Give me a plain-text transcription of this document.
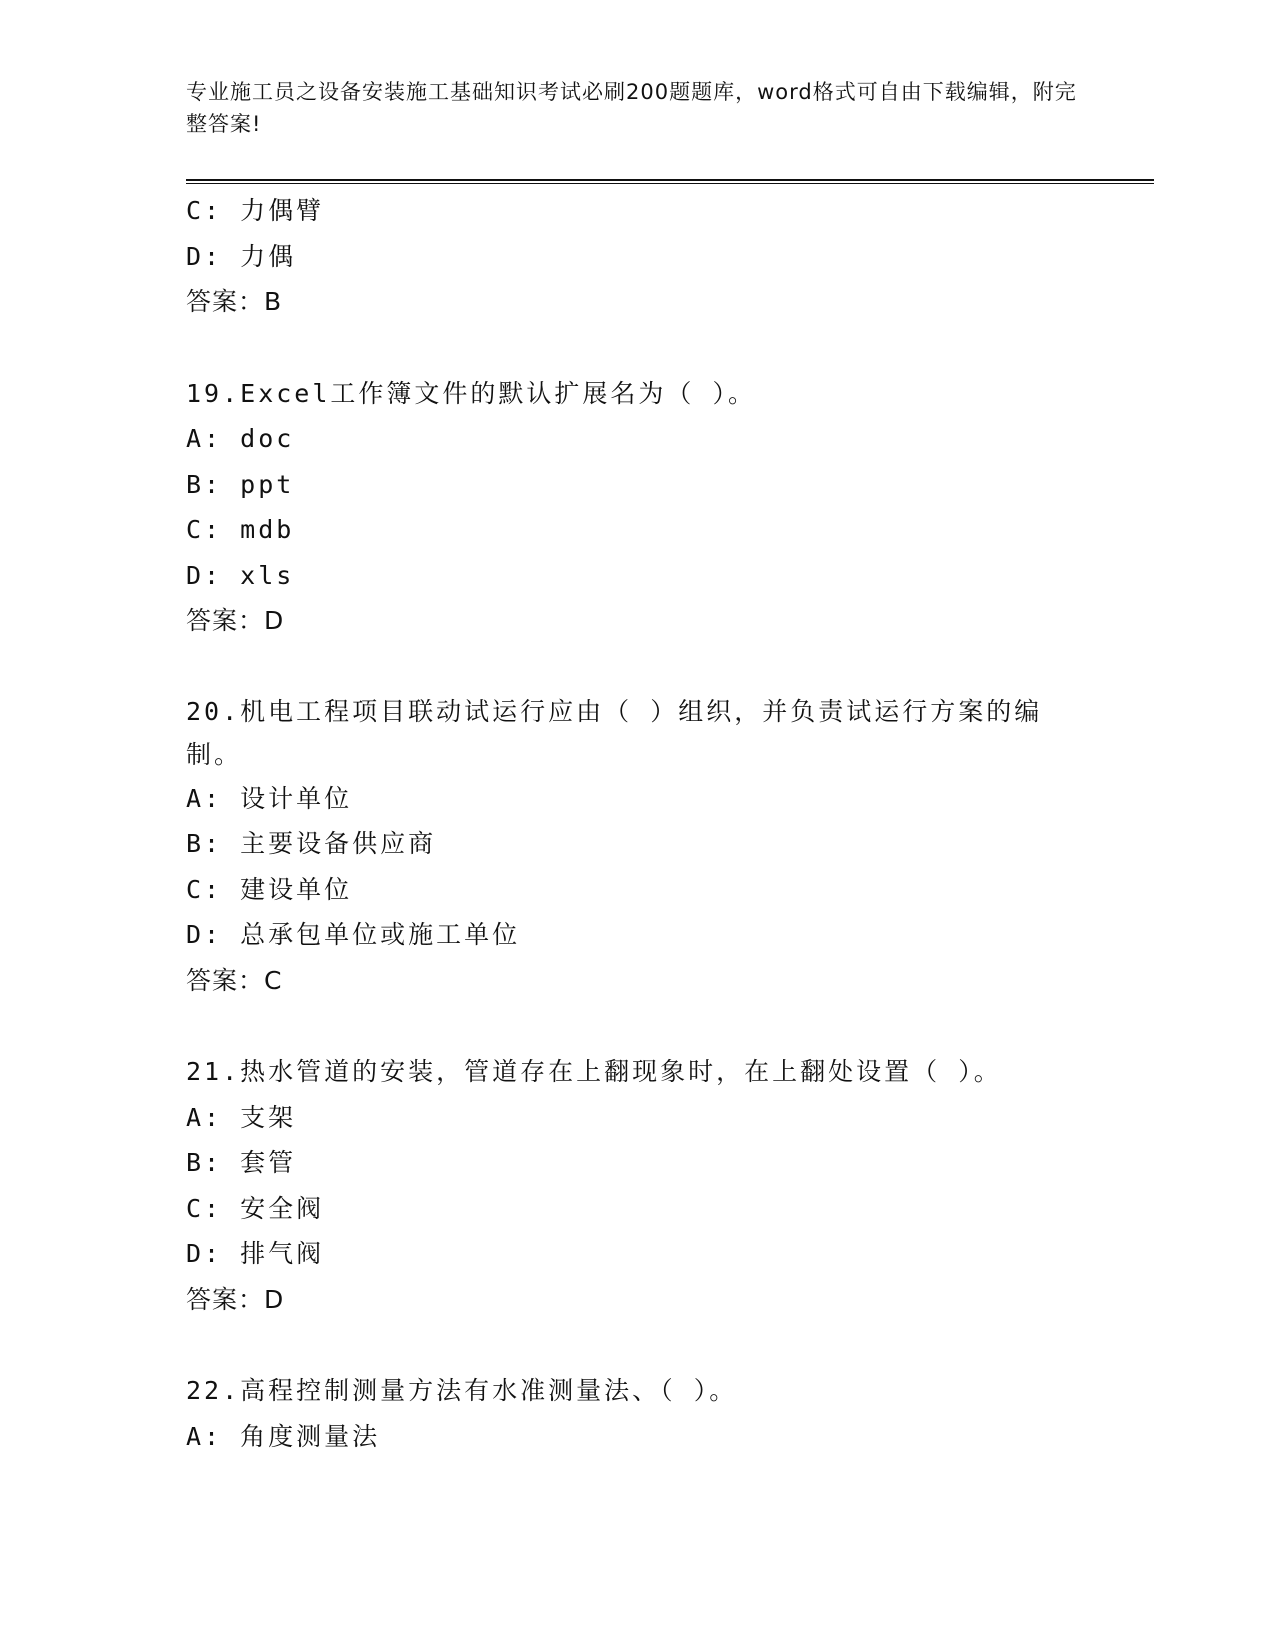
专业施工员之设备安装施工基础知识考试必刷200题题库，word格式可自由下载编辑，附完整答案!
C: 力偶臂
D: 力偶
答案：B
19.Excel工作簿文件的默认扩展名为（ ）。
A: doc
B: ppt
C: mdb
D: xls
答案：D
20.机电工程项目联动试运行应由（ ）组织，并负责试运行方案的编制。
A: 设计单位
B: 主要设备供应商
C: 建设单位
D: 总承包单位或施工单位
答案：C
21.热水管道的安装，管道存在上翻现象时，在上翻处设置（ ）。
A: 支架
B: 套管
C: 安全阀
D: 排气阀
答案：D
22.高程控制测量方法有水准测量法、（ ）。
A: 角度测量法
